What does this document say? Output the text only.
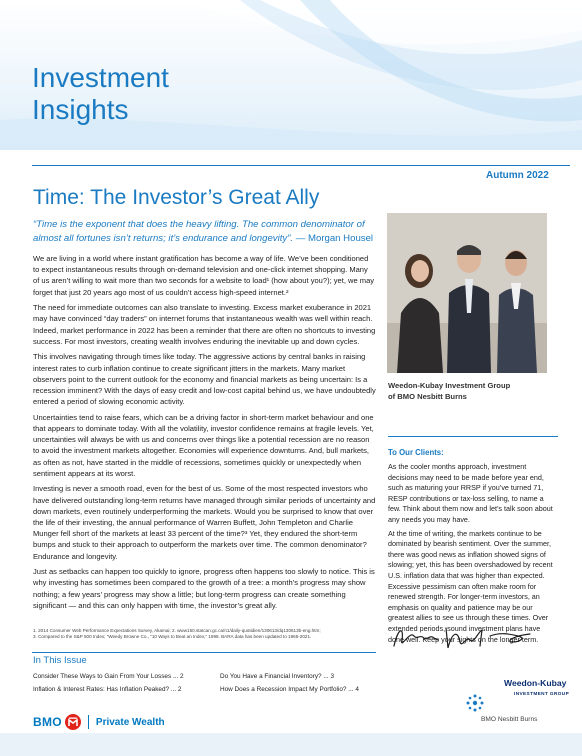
Investment
Insights
Autumn 2022
Time: The Investor’s Great Ally
“Time is the exponent that does the heavy lifting. The common denominator of almost all fortunes isn’t returns; it’s endurance and longevity”. — Morgan Housel

We are living in a world where instant gratification has become a way of life. We’ve been conditioned to expect instantaneous results through on-demand television and one-click internet shopping. Many of us aren’t willing to wait more than two seconds for a website to load¹ (how about you?); yet, we may forget that just 20 years ago most of us couldn’t access high-speed internet.²

The need for immediate outcomes can also translate to investing. Excess market exuberance in 2021 may have convinced “day traders” on internet forums that instantaneous wealth was well within reach. Indeed, market performance in 2022 has been a reminder that there are often no shortcuts to investing success. For most investors, creating wealth involves enduring the inevitable up and down cycles.

This involves navigating through times like today. The aggressive actions by central banks in raising interest rates to curb inflation continue to create significant jitters in the markets. Many market observers point to the current outlook for the economy and financial markets as being uncertain: Is a recession imminent? With the days of easy credit and low-cost capital behind us, we have undoubtedly entered a period of slowing economic activity.

Uncertainties tend to raise fears, which can be a driving factor in short-term market behaviour and one that appears to dominate today. With all the volatility, investor confidence remains at fragile levels. Yet, uncertainties will always be with us and concerns over things like a potential recession are no reason to avoid the investment markets altogether. Economies will experience downturns. And, bull markets, as often as not, have started in the middle of recessions, sometimes quickly or unexpectedly when sentiment appears at its worst.

Investing is never a smooth road, even for the best of us. Some of the most respected investors who have delivered outstanding long-term returns have managed through similar periods of uncertainty and down markets, even routinely underperforming the markets. Would you be surprised to know that over the life of their investing, the annual performance of Warren Buffett, John Templeton and Charlie Munger fell short of the markets at least 33 percent of the time?³ Yet, they endured the short-term bumps and stuck to their approach to outperform the markets over time. The common denominator? Endurance and longevity.

Just as setbacks can happen too quickly to ignore, progress often happens too slowly to notice. This is why investing has sometimes been compared to the growth of a tree: a month’s progress may show nothing; a few years’ progress may show a little; but long-term progress can create something significant — and this can only happen with time, the investor’s great ally.

1. 2014 Consumer Web Performance Expectations Survey, Akamai; 2. www150.statcan.gc.ca/n1/daily-quotidien/130613/dq130613b-eng.htm;
3. Compared to the S&P 500 Index; “Weedy Browne Co., “10 Ways to Beat an Index,” 1998. BARA data has been updated to 1965-2021.
Weedon-Kubay Investment Group
of BMO Nesbitt Burns
To Our Clients:

As the cooler months approach, investment decisions may need to be made before year end, such as maturing your RRSP if you’ve turned 71, RESP contributions or tax-loss selling, to name a few. Think about them now and let’s talk soon about any needs you may have.

At the time of writing, the markets continue to be dominated by bearish sentiment. Over the summer, there was good news as inflation showed signs of slowing; yet, this has been overshadowed by recent U.S. inflation data that was higher than expected. Excessive pessimism can often make room for renewed strength. For longer-term investors, an emphasis on quality and patience may be our greatest allies to see us through these times. Over extended periods, sound investment plans have done well. Keep your sights on the longer term.

In This Issue
Consider These Ways to Gain From Your Losses ... 2
Inflation & Interest Rates: Has Inflation Peaked? ... 2
Do You Have a Financial Inventory? ... 3
How Does a Recession Impact My Portfolio? ... 4
BMO	Private Wealth
Weedon-Kubay
INVESTMENT GROUP
BMO Nesbitt Burns
